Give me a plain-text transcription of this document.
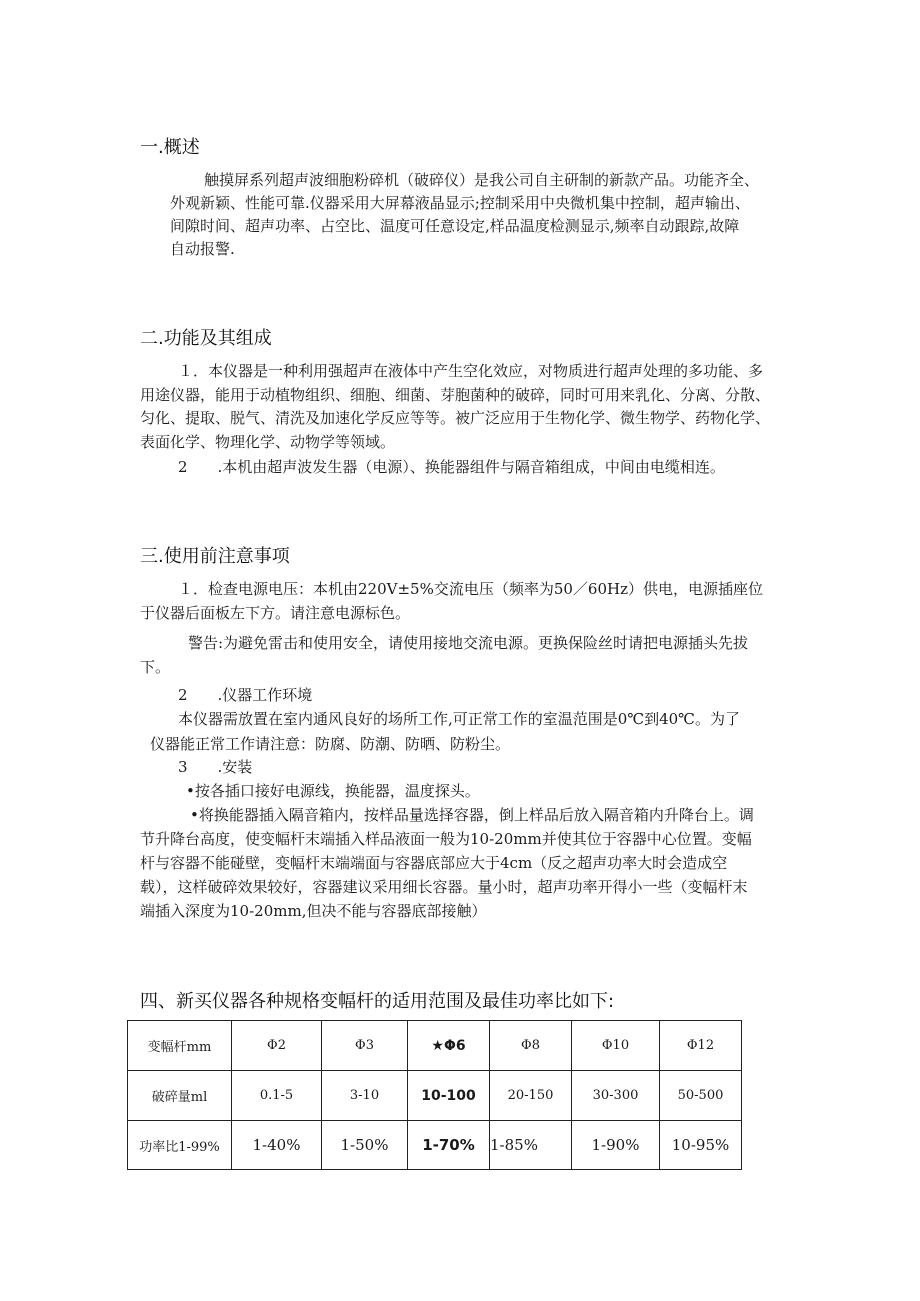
一.概述
触摸屏系列超声波细胞粉碎机（破碎仪）是我公司自主研制的新款产品。功能齐全、
外观新颖、性能可靠.仪器采用大屏幕液晶显示;控制采用中央微机集中控制，超声输出、
间隙时间、超声功率、占空比、温度可任意设定,样品温度检测显示,频率自动跟踪,故障
自动报警.
二.功能及其组成
１．本仪器是一种利用强超声在液体中产生空化效应，对物质进行超声处理的多功能、多
用途仪器，能用于动植物组织、细胞、细菌、芽胞菌种的破碎，同时可用来乳化、分离、分散、
匀化、提取、脱气、清洗及加速化学反应等等。被广泛应用于生物化学、微生物学、药物化学、
表面化学、物理化学、动物学等领域。
2　　.本机由超声波发生器（电源）、换能器组件与隔音箱组成，中间由电缆相连。
三.使用前注意事项
１．检查电源电压：本机由220V±5%交流电压（频率为50／60Hz）供电，电源插座位
于仪器后面板左下方。请注意电源标色。
警告:为避免雷击和使用安全，请使用接地交流电源。更换保险丝时请把电源插头先拔
下。
2　　.仪器工作环境
本仪器需放置在室内通风良好的场所工作,可正常工作的室温范围是0℃到40℃。为了
仪器能正常工作请注意：防腐、防潮、防晒、防粉尘。
3　　.安装
•按各插口接好电源线，换能器，温度探头。
•将换能器插入隔音箱内，按样品量选择容器，倒上样品后放入隔音箱内升降台上。调
节升降台高度，使变幅杆末端插入样品液面一般为10-20mm并使其位于容器中心位置。变幅
杆与容器不能碰壁，变幅杆末端端面与容器底部应大于4cm（反之超声功率大时会造成空
载），这样破碎效果较好，容器建议采用细长容器。量小时，超声功率开得小一些（变幅杆末
端插入深度为10-20mm,但决不能与容器底部接触）
四、新买仪器各种规格变幅杆的适用范围及最佳功率比如下:
变幅杆mm	Φ2	Φ3	★Φ6	Φ8	Φ10	Φ12
破碎量ml	0.1-5	3-10	10-100	20-150	30-300	50-500
功率比1-99%	1-40%	1-50%	1-70%	1-85%	1-90%	10-95%
